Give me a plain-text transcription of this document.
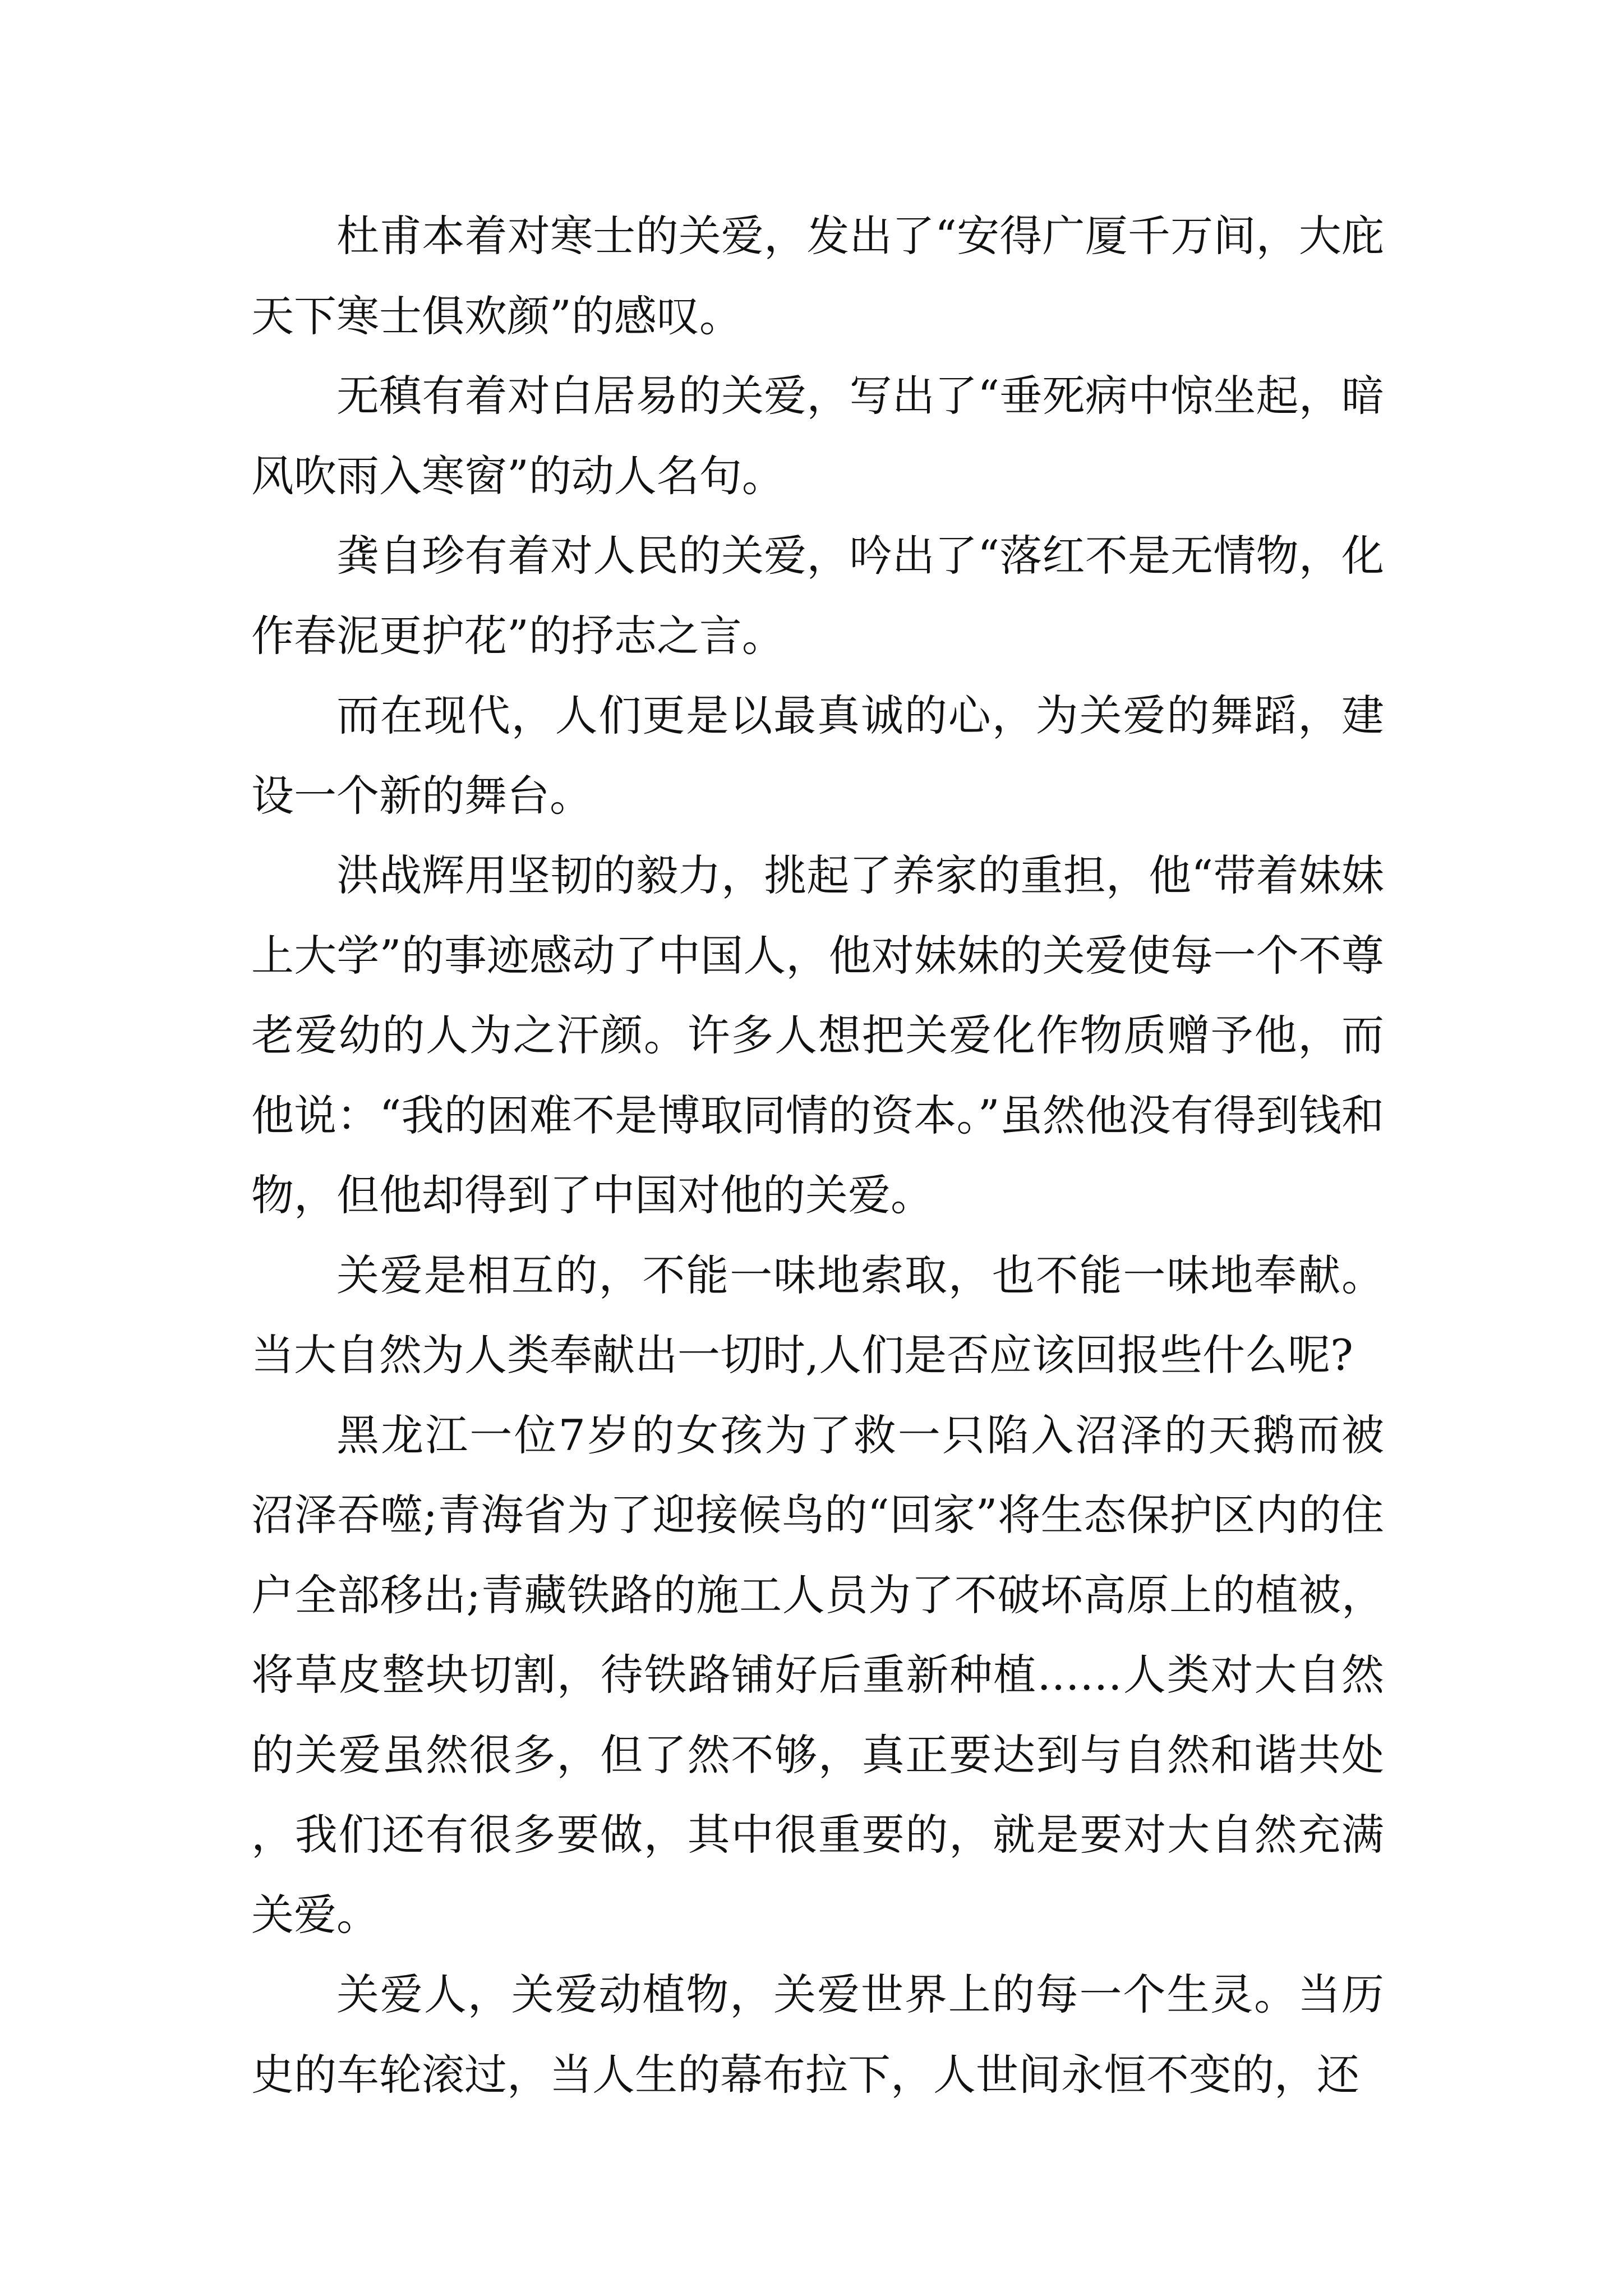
杜甫本着对寒士的关爱，发出了“安得广厦千万间，大庇天下寒士俱欢颜”的感叹。

无稹有着对白居易的关爱，写出了“垂死病中惊坐起，暗风吹雨入寒窗”的动人名句。

龚自珍有着对人民的关爱，吟出了“落红不是无情物，化作春泥更护花”的抒志之言。

而在现代，人们更是以最真诚的心，为关爱的舞蹈，建设一个新的舞台。

洪战辉用坚韧的毅力，挑起了养家的重担，他“带着妹妹上大学”的事迹感动了中国人，他对妹妹的关爱使每一个不尊老爱幼的人为之汗颜。许多人想把关爱化作物质赠予他，而他说：“我的困难不是博取同情的资本。”虽然他没有得到钱和物，但他却得到了中国对他的关爱。

关爱是相互的，不能一味地索取，也不能一味地奉献。当大自然为人类奉献出一切时,人们是否应该回报些什么呢?

黑龙江一位7岁的女孩为了救一只陷入沼泽的天鹅而被沼泽吞噬;青海省为了迎接候鸟的“回家”将生态保护区内的住户全部移出;青藏铁路的施工人员为了不破坏高原上的植被，将草皮整块切割，待铁路铺好后重新种植……人类对大自然的关爱虽然很多，但了然不够，真正要达到与自然和谐共处，我们还有很多要做，其中很重要的，就是要对大自然充满关爱。

关爱人，关爱动植物，关爱世界上的每一个生灵。当历史的车轮滚过，当人生的幕布拉下，人世间永恒不变的，还
